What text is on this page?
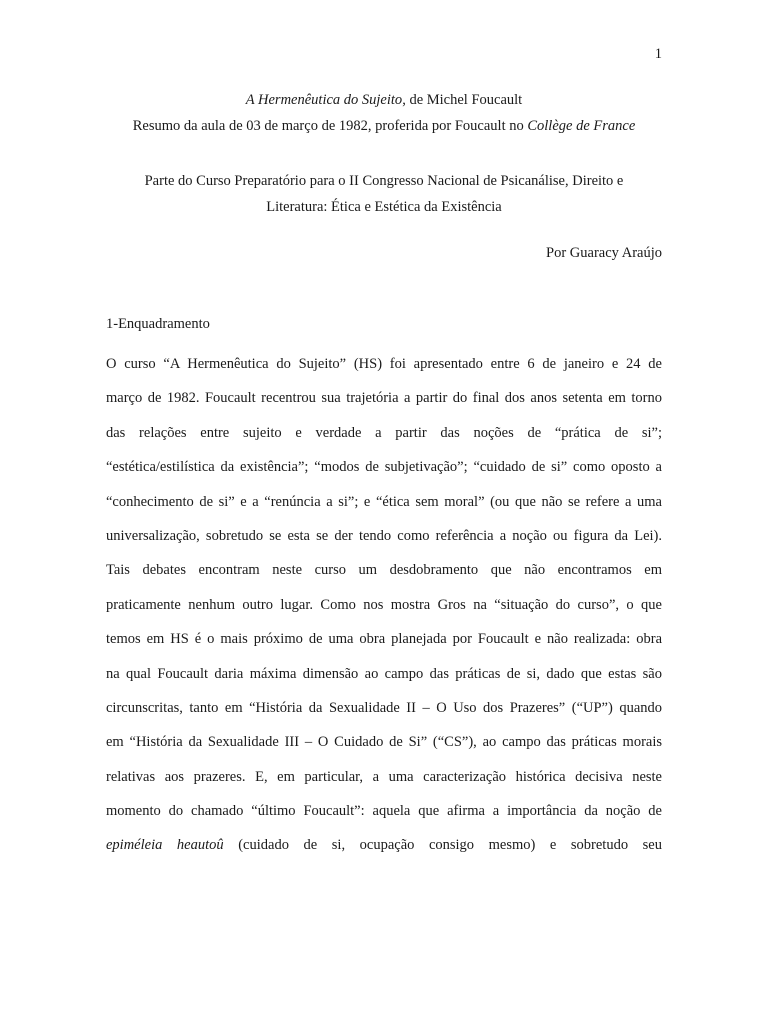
1
A Hermenêutica do Sujeito, de Michel Foucault
Resumo da aula de 03 de março de 1982, proferida por Foucault no Collège de France
Parte do Curso Preparatório para o II Congresso Nacional de Psicanálise, Direito e
Literatura: Ética e Estética da Existência
Por Guaracy Araújo
1-Enquadramento
O curso “A Hermenêutica do Sujeito” (HS) foi apresentado entre 6 de janeiro e 24 de
março de 1982. Foucault recentrou sua trajetória a partir do final dos anos setenta em torno
das relações entre sujeito e verdade a partir das noções de “prática de si”;
“estética/estilística da existência”; “modos de subjetivação”; “cuidado de si” como oposto a
“conhecimento de si” e a “renúncia a si”; e “ética sem moral” (ou que não se refere a uma
universalização, sobretudo se esta se der tendo como referência a noção ou figura da Lei).
Tais debates encontram neste curso um desdobramento que não encontramos em
praticamente nenhum outro lugar. Como nos mostra Gros na “situação do curso”, o que
temos em HS é o mais próximo de uma obra planejada por Foucault e não realizada: obra
na qual Foucault daria máxima dimensão ao campo das práticas de si, dado que estas são
circunscritas, tanto em “História da Sexualidade II – O Uso dos Prazeres” (“UP”) quando
em “História da Sexualidade III – O Cuidado de Si” (“CS”), ao campo das práticas morais
relativas aos prazeres. E, em particular, a uma caracterização histórica decisiva neste
momento do chamado “último Foucault”: aquela que afirma a importância da noção de
epiméleia heautoû (cuidado de si, ocupação consigo mesmo) e sobretudo seu
